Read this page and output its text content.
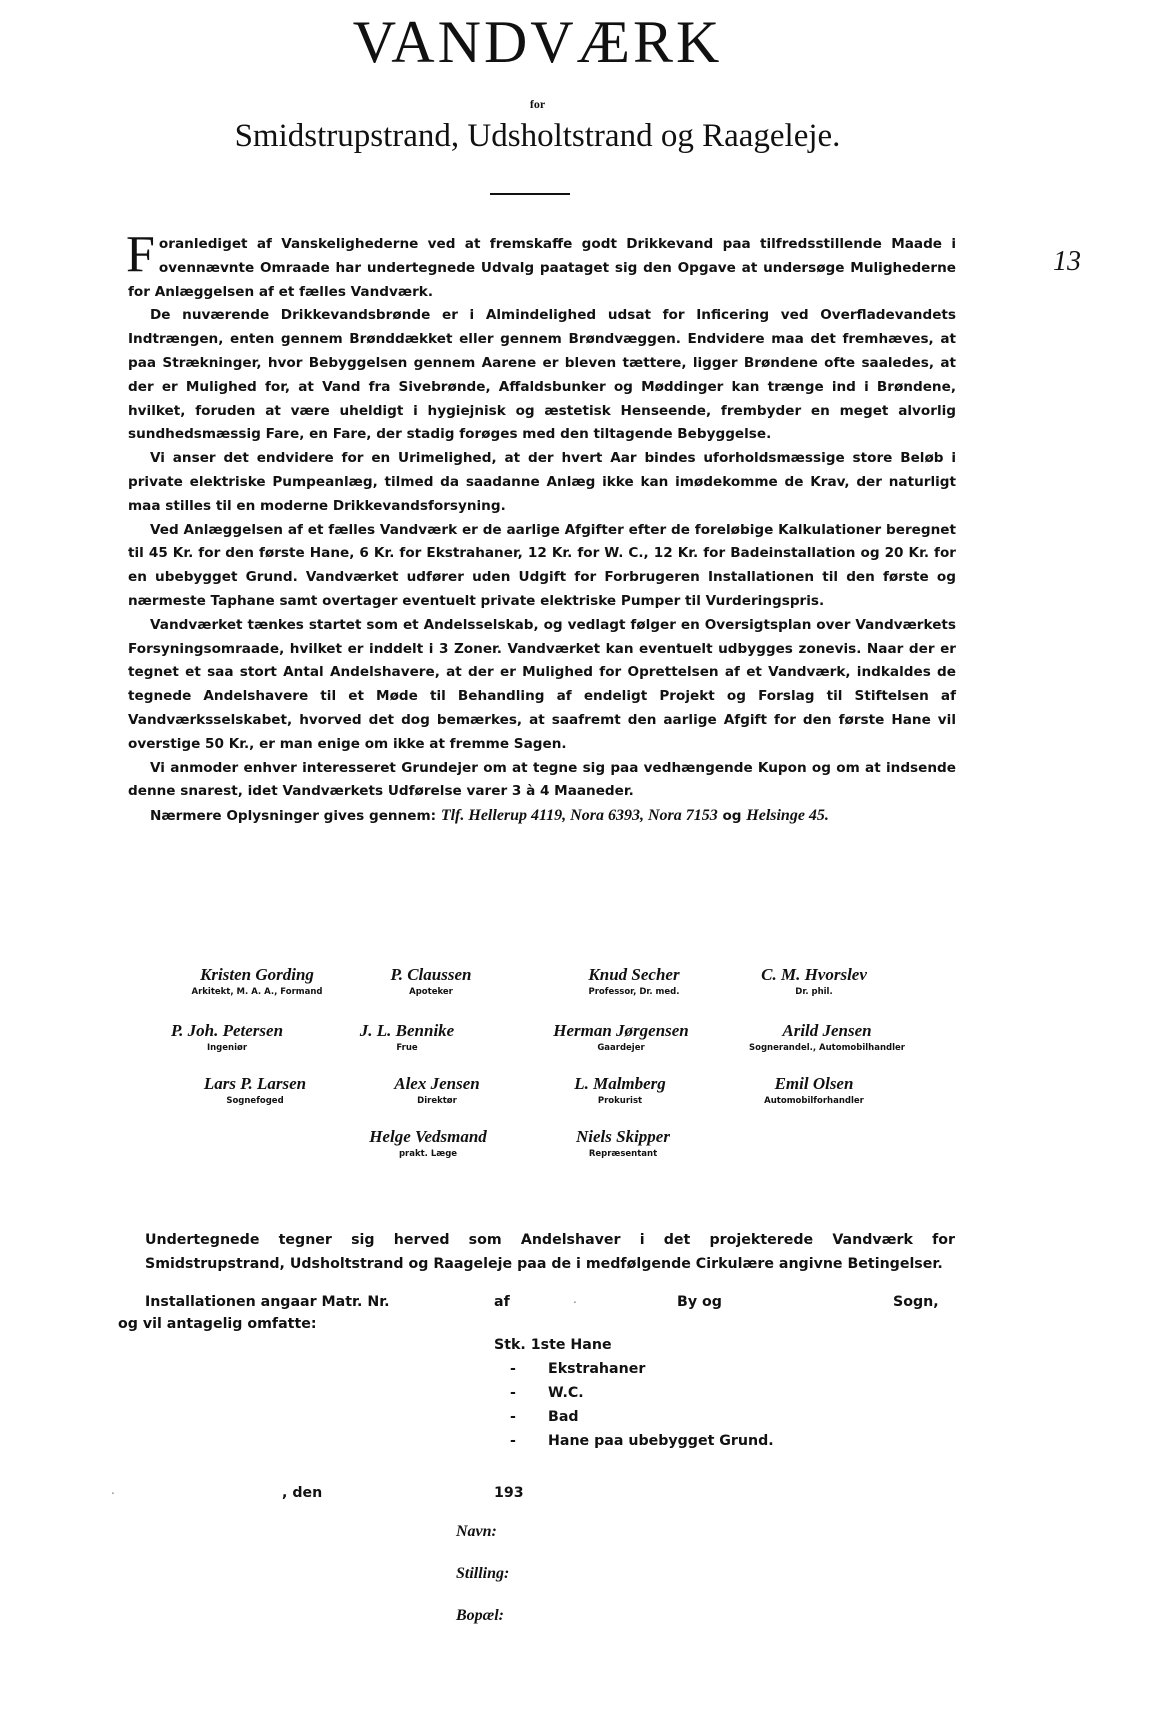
VANDVÆRK
for
Smidstrupstrand, Udsholtstrand og Raageleje.
13

Foranlediget af Vanskelighederne ved at fremskaffe godt Drikkevand paa tilfredsstillende Maade i ovennævnte Omraade har undertegnede Udvalg paataget sig den Opgave at undersøge Mulighederne for Anlæggelsen af et fælles Vandværk.

De nuværende Drikkevandsbrønde er i Almindelighed udsat for Inficering ved Overfladevandets Indtrængen, enten gennem Brønddækket eller gennem Brøndvæggen. Endvidere maa det fremhæves, at paa Strækninger, hvor Bebyggelsen gennem Aarene er bleven tættere, ligger Brøndene ofte saaledes, at der er Mulighed for, at Vand fra Sivebrønde, Affaldsbunker og Møddinger kan trænge ind i Brøndene, hvilket, foruden at være uheldigt i hygiejnisk og æstetisk Henseende, frembyder en meget alvorlig sundhedsmæssig Fare, en Fare, der stadig forøges med den tiltagende Bebyggelse.

Vi anser det endvidere for en Urimelighed, at der hvert Aar bindes uforholdsmæssige store Beløb i private elektriske Pumpeanlæg, tilmed da saadanne Anlæg ikke kan imødekomme de Krav, der naturligt maa stilles til en moderne Drikkevandsforsyning.

Ved Anlæggelsen af et fælles Vandværk er de aarlige Afgifter efter de foreløbige Kalkulationer beregnet til 45 Kr. for den første Hane, 6 Kr. for Ekstrahaner, 12 Kr. for W. C., 12 Kr. for Badeinstallation og 20 Kr. for en ubebygget Grund. Vandværket udfører uden Udgift for Forbrugeren Installationen til den første og nærmeste Taphane samt overtager eventuelt private elektriske Pumper til Vurderingspris.

Vandværket tænkes startet som et Andelsselskab, og vedlagt følger en Oversigtsplan over Vandværkets Forsyningsomraade, hvilket er inddelt i 3 Zoner. Vandværket kan eventuelt udbygges zonevis. Naar der er tegnet et saa stort Antal Andelshavere, at der er Mulighed for Oprettelsen af et Vandværk, indkaldes de tegnede Andelshavere til et Møde til Behandling af endeligt Projekt og Forslag til Stiftelsen af Vandværksselskabet, hvorved det dog bemærkes, at saafremt den aarlige Afgift for den første Hane vil overstige 50 Kr., er man enige om ikke at fremme Sagen.

Vi anmoder enhver interesseret Grundejer om at tegne sig paa vedhængende Kupon og om at indsende denne snarest, idet Vandværkets Udførelse varer 3 à 4 Maaneder.

Nærmere Oplysninger gives gennem: Tlf. Hellerup 4119, Nora 6393, Nora 7153 og Helsinge 45.

Kristen Gording
Arkitekt, M. A. A., Formand
P. Claussen
Apoteker
Knud Secher
Professor, Dr. med.
C. M. Hvorslev
Dr. phil.
P. Joh. Petersen
Ingeniør
J. L. Bennike
Frue
Herman Jørgensen
Gaardejer
Arild Jensen
Sognerandel., Automobilhandler
Lars P. Larsen
Sognefoged
Alex Jensen
Direktør
L. Malmberg
Prokurist
Emil Olsen
Automobilforhandler
Helge Vedsmand
prakt. Læge
Niels Skipper
Repræsentant
Undertegnede tegner sig herved som Andelshaver i det projekterede Vandværk for Smidstrupstrand, Udsholtstrand og Raageleje paa de i medfølgende Cirkulære angivne Betingelser.
Installationen angaar Matr. Nr.	af	.	By og	Sogn,
og vil antagelig omfatte:
Stk. 1ste Hane
-	Ekstrahaner
-	W.C.
-	Bad
-	Hane paa ubebygget Grund.
.	, den	193
Navn:
Stilling:
Bopæl:
